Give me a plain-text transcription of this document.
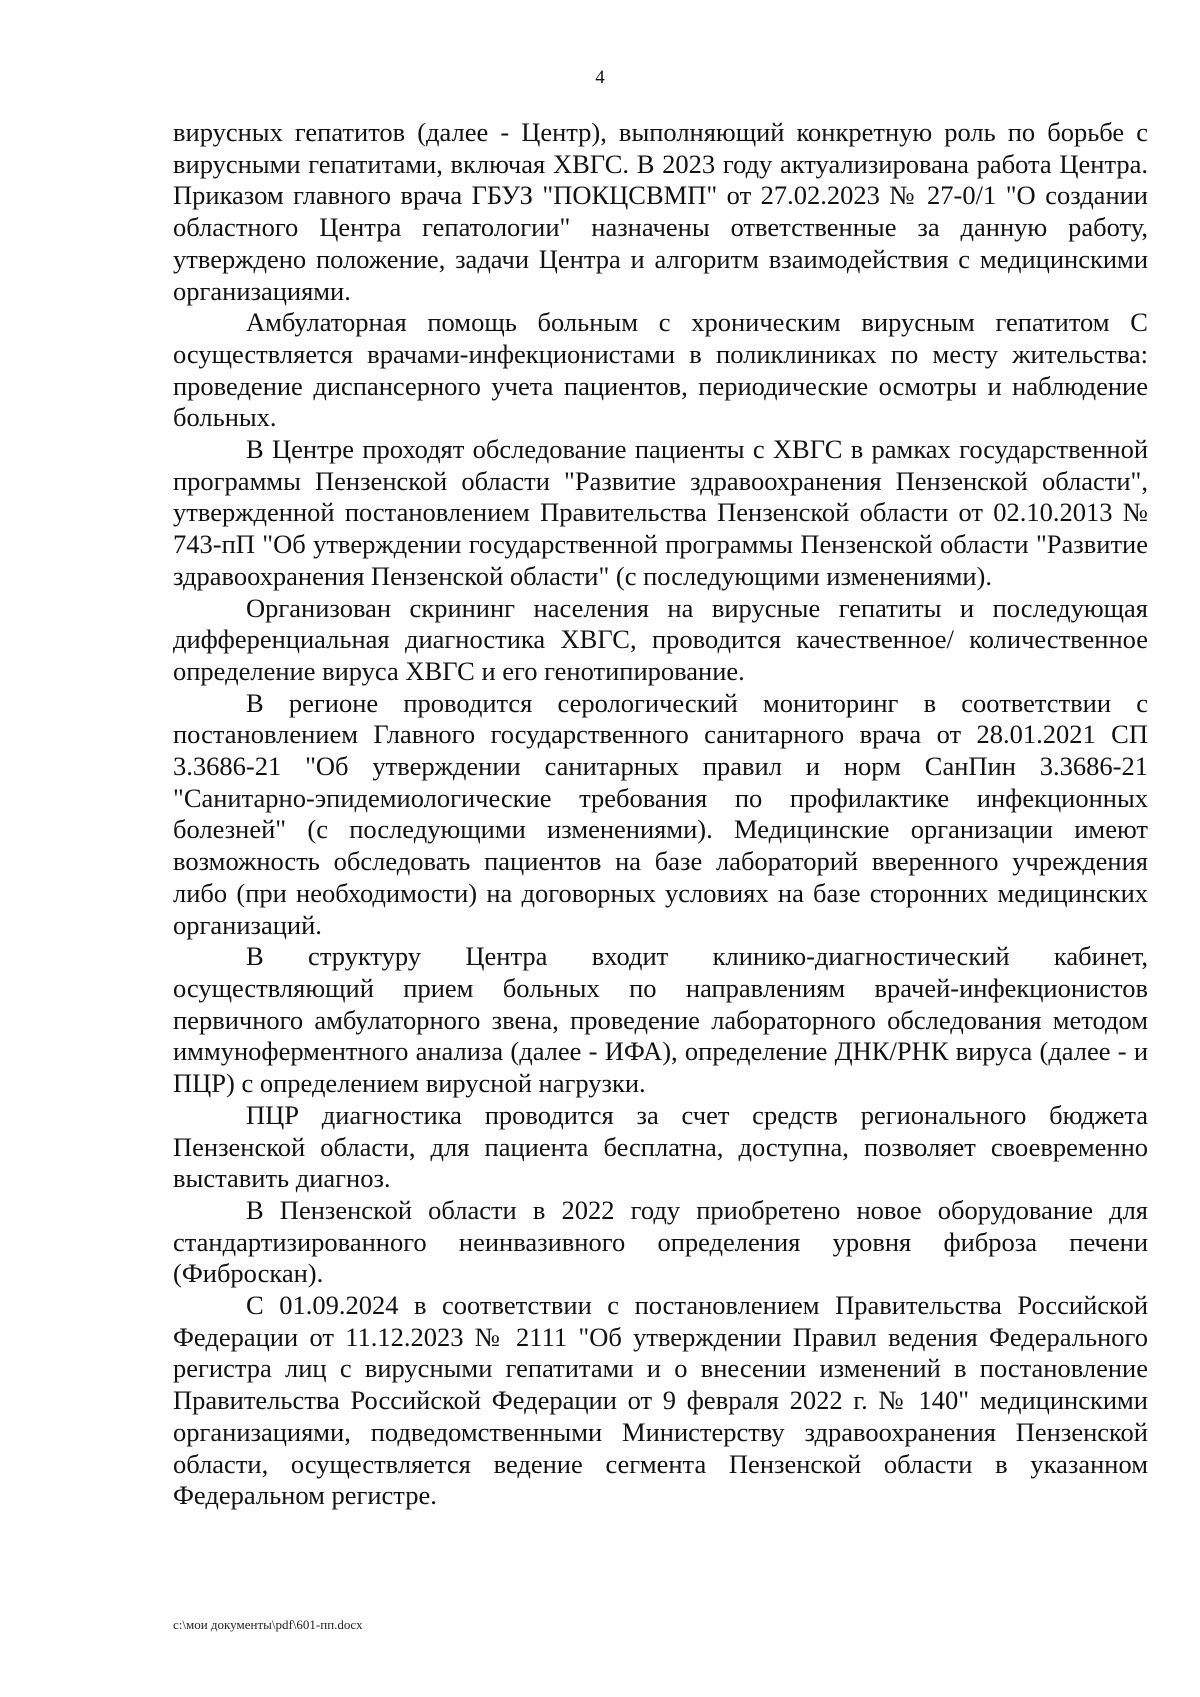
4

вирусных гепатитов (далее - Центр), выполняющий конкретную роль по борьбе с вирусными гепатитами, включая ХВГС. В 2023 году актуализирована работа Центра. Приказом главного врача ГБУЗ "ПОКЦСВМП" от 27.02.2023 № 27-0/1 "О создании областного Центра гепатологии" назначены ответственные за данную работу, утверждено положение, задачи Центра и алгоритм взаимодействия с медицинскими организациями.

Амбулаторная помощь больным с хроническим вирусным гепатитом С осуществляется врачами-инфекционистами в поликлиниках по месту жительства: проведение диспансерного учета пациентов, периодические осмотры и наблюдение больных.

В Центре проходят обследование пациенты с ХВГС в рамках государственной программы Пензенской области "Развитие здравоохранения Пензенской области", утвержденной постановлением Правительства Пензенской области от 02.10.2013 № 743-пП "Об утверждении государственной программы Пензенской области "Развитие здравоохранения Пензенской области" (с последующими изменениями).

Организован скрининг населения на вирусные гепатиты и последующая дифференциальная диагностика ХВГС, проводится качественное/ количественное определение вируса ХВГС и его генотипирование.

В регионе проводится серологический мониторинг в соответствии с постановлением Главного государственного санитарного врача от 28.01.2021 СП 3.3686-21 "Об утверждении санитарных правил и норм СанПин 3.3686-21 "Санитарно-эпидемиологические требования по профилактике инфекционных болезней" (с последующими изменениями). Медицинские организации имеют возможность обследовать пациентов на базе лабораторий вверенного учреждения либо (при необходимости) на договорных условиях на базе сторонних медицинских организаций.

В структуру Центра входит клинико-диагностический кабинет, осуществляющий прием больных по направлениям врачей-инфекционистов первичного амбулаторного звена, проведение лабораторного обследования методом иммуноферментного анализа (далее - ИФА), определение ДНК/РНК вируса (далее - и ПЦР) с определением вирусной нагрузки.

ПЦР диагностика проводится за счет средств регионального бюджета Пензенской области, для пациента бесплатна, доступна, позволяет своевременно выставить диагноз.

В Пензенской области в 2022 году приобретено новое оборудование для стандартизированного неинвазивного определения уровня фиброза печени (Фиброскан).

С 01.09.2024 в соответствии с постановлением Правительства Российской Федерации от 11.12.2023 № 2111 "Об утверждении Правил ведения Федерального регистра лиц с вирусными гепатитами и о внесении изменений в постановление Правительства Российской Федерации от 9 февраля 2022 г. № 140" медицинскими организациями, подведомственными Министерству здравоохранения Пензенской области, осуществляется ведение сегмента Пензенской области в указанном Федеральном регистре.

c:\мои документы\pdf\601-пп.docx
